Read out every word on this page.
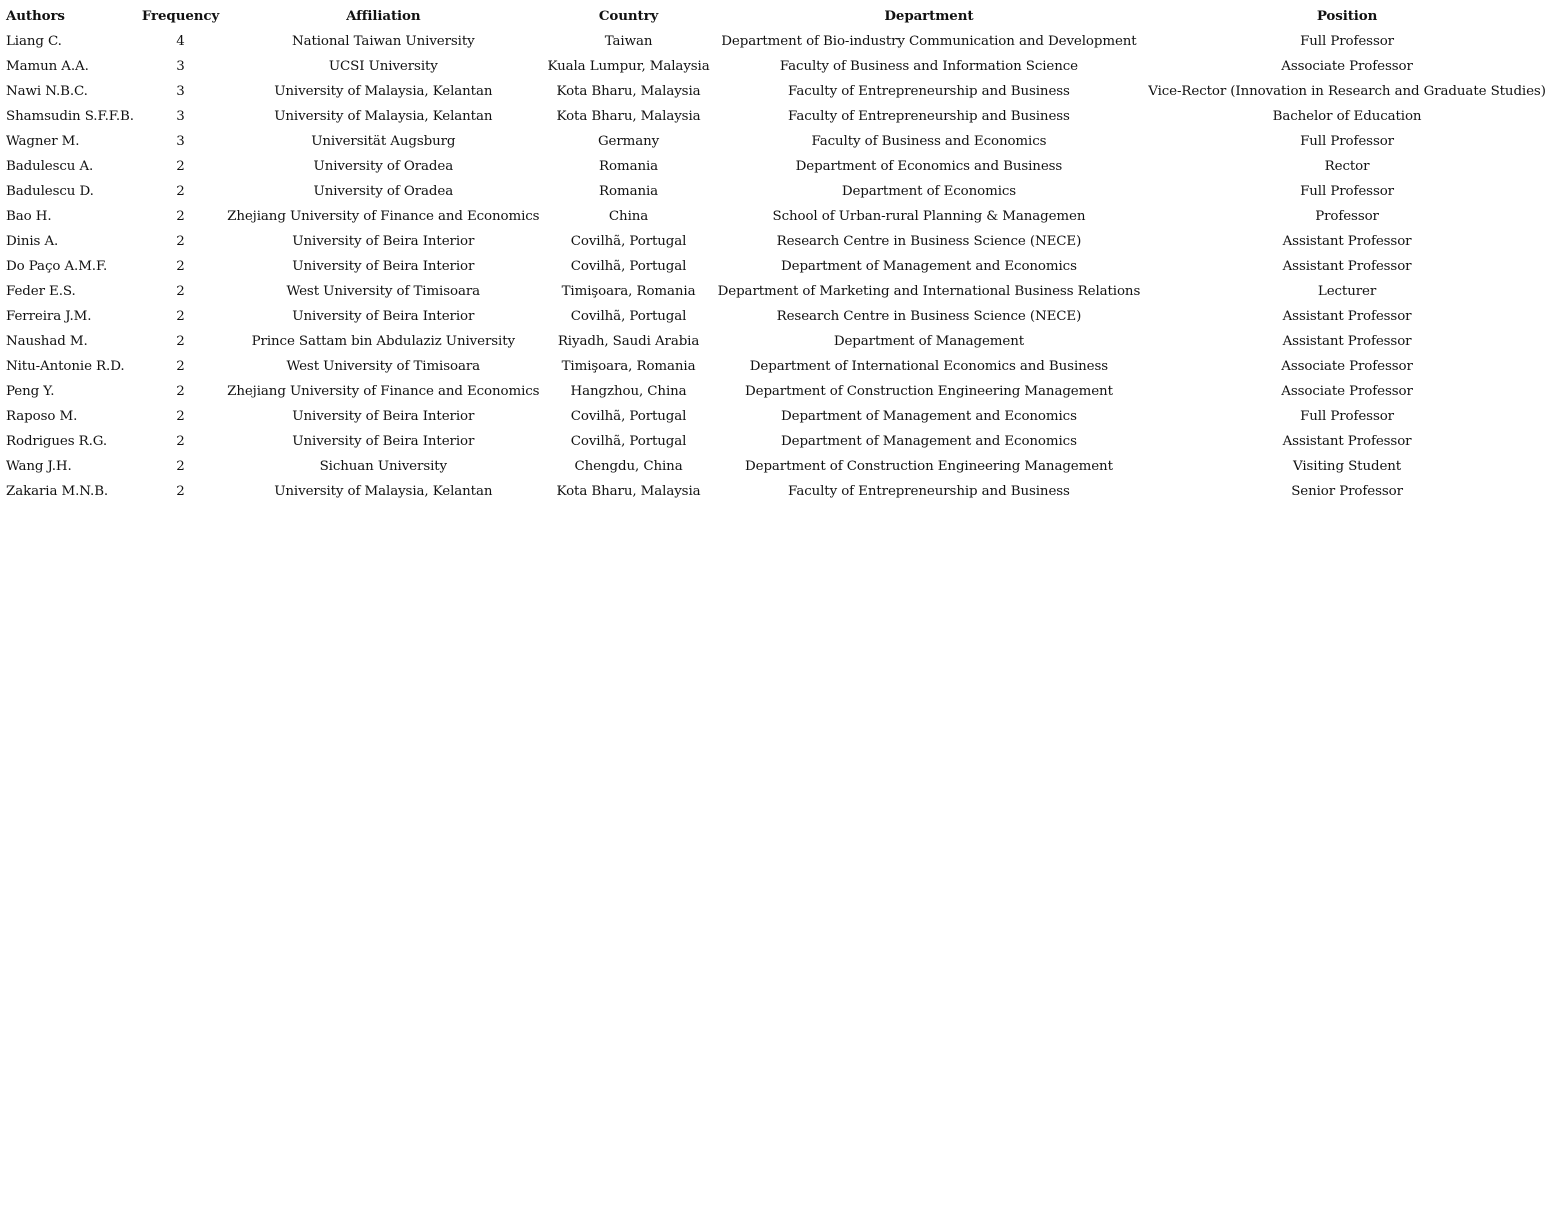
Authors	Frequency	Affiliation	Country	Department	Position
Liang C.	4	National Taiwan University	Taiwan	Department of Bio-industry Communication and Development	Full Professor
Mamun A.A.	3	UCSI University	Kuala Lumpur, Malaysia	Faculty of Business and Information Science	Associate Professor
Nawi N.B.C.	3	University of Malaysia, Kelantan	Kota Bharu, Malaysia	Faculty of Entrepreneurship and Business	Vice-Rector (Innovation in Research and Graduate Studies)
Shamsudin S.F.F.B.	3	University of Malaysia, Kelantan	Kota Bharu, Malaysia	Faculty of Entrepreneurship and Business	Bachelor of Education
Wagner M.	3	Universität Augsburg	Germany	Faculty of Business and Economics	Full Professor
Badulescu A.	2	University of Oradea	Romania	Department of Economics and Business	Rector
Badulescu D.	2	University of Oradea	Romania	Department of Economics	Full Professor
Bao H.	2	Zhejiang University of Finance and Economics	China	School of Urban-rural Planning & Managemen	Professor
Dinis A.	2	University of Beira Interior	Covilhã, Portugal	Research Centre in Business Science (NECE)	Assistant Professor
Do Paço A.M.F.	2	University of Beira Interior	Covilhã, Portugal	Department of Management and Economics	Assistant Professor
Feder E.S.	2	West University of Timisoara	Timişoara, Romania	Department of Marketing and International Business Relations	Lecturer
Ferreira J.M.	2	University of Beira Interior	Covilhã, Portugal	Research Centre in Business Science (NECE)	Assistant Professor
Naushad M.	2	Prince Sattam bin Abdulaziz University	Riyadh, Saudi Arabia	Department of Management	Assistant Professor
Nitu-Antonie R.D.	2	West University of Timisoara	Timişoara, Romania	Department of International Economics and Business	Associate Professor
Peng Y.	2	Zhejiang University of Finance and Economics	Hangzhou, China	Department of Construction Engineering Management	Associate Professor
Raposo M.	2	University of Beira Interior	Covilhã, Portugal	Department of Management and Economics	Full Professor
Rodrigues R.G.	2	University of Beira Interior	Covilhã, Portugal	Department of Management and Economics	Assistant Professor
Wang J.H.	2	Sichuan University	Chengdu, China	Department of Construction Engineering Management	Visiting Student
Zakaria M.N.B.	2	University of Malaysia, Kelantan	Kota Bharu, Malaysia	Faculty of Entrepreneurship and Business	Senior Professor
